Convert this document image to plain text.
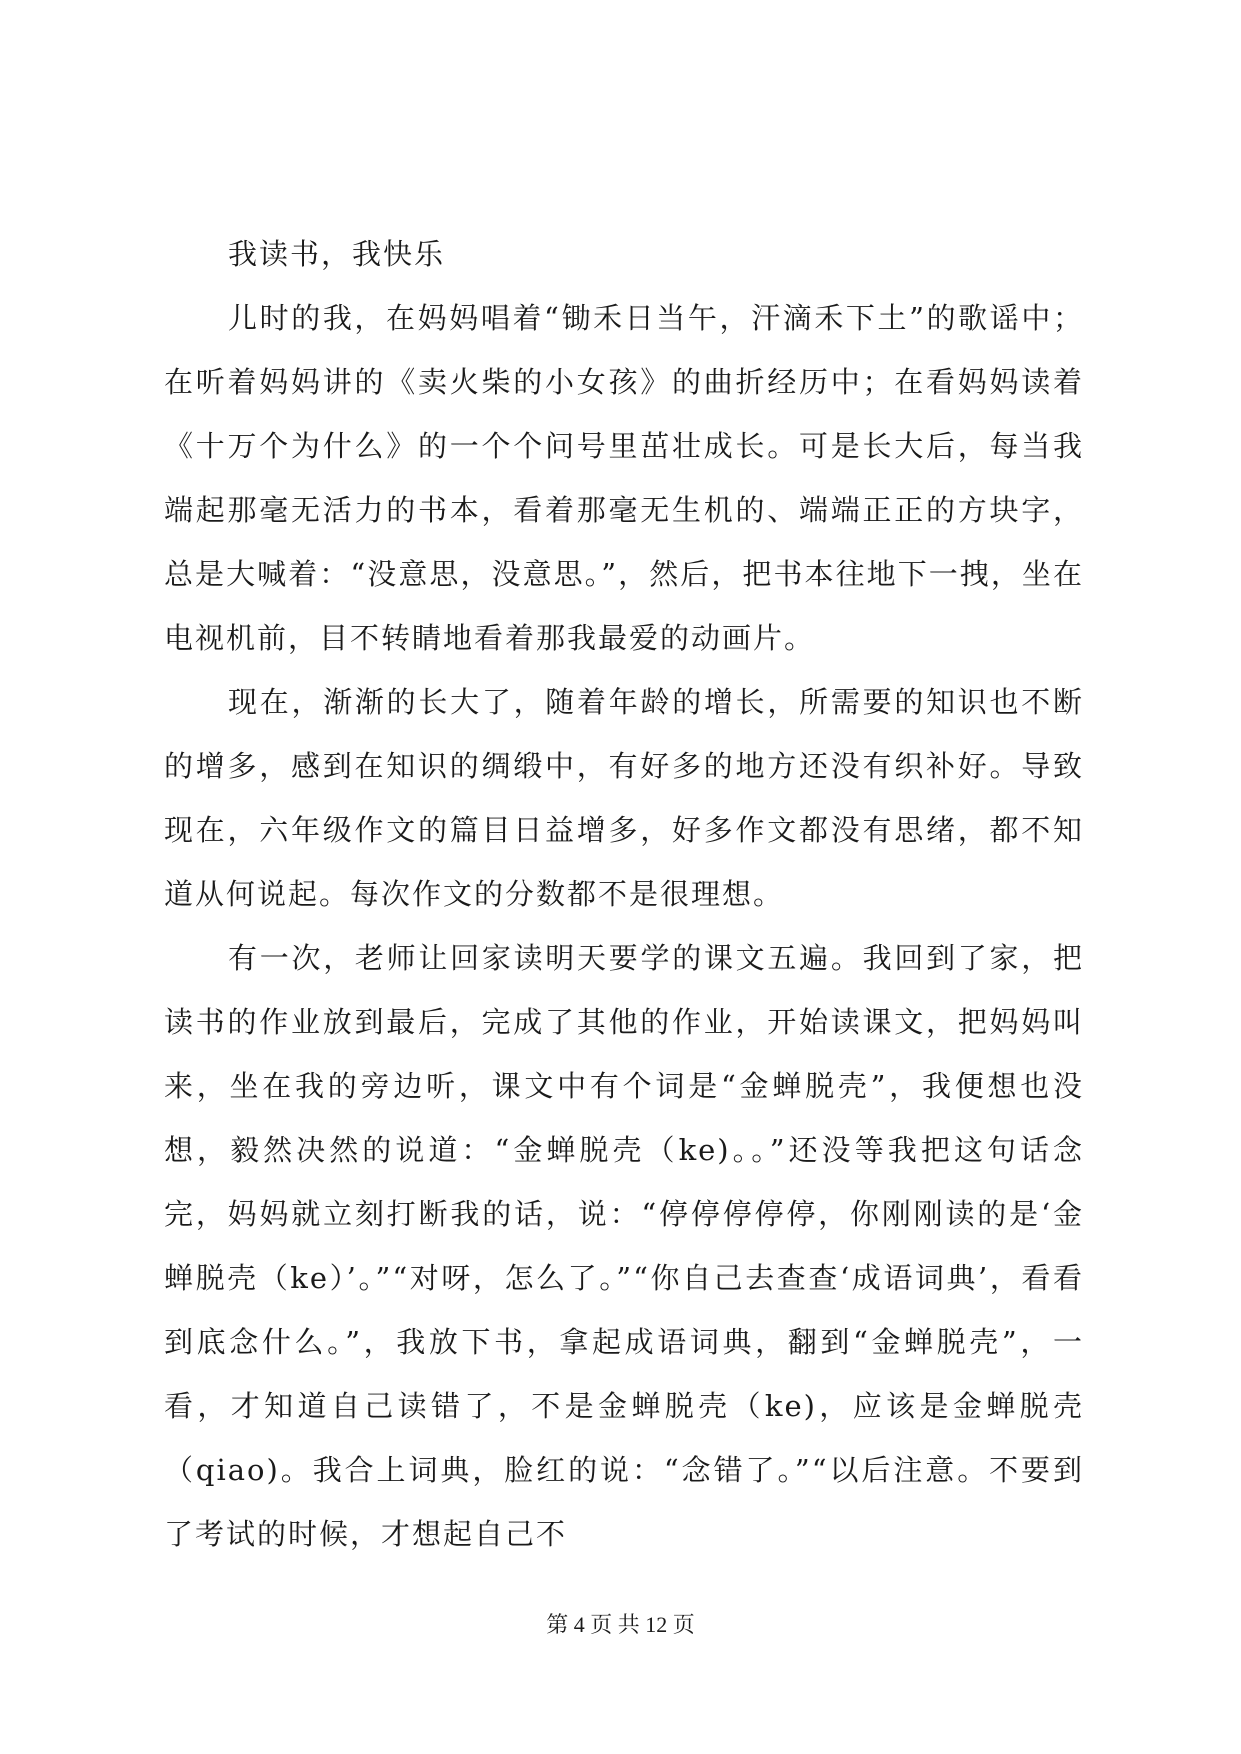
我读书，我快乐

儿时的我，在妈妈唱着“锄禾日当午，汗滴禾下土”的歌谣中；在听着妈妈讲的《卖火柴的小女孩》的曲折经历中；在看妈妈读着《十万个为什么》的一个个问号里茁壮成长。可是长大后，每当我端起那毫无活力的书本，看着那毫无生机的、端端正正的方块字，总是大喊着：“没意思，没意思。”，然后，把书本往地下一拽，坐在电视机前，目不转睛地看着那我最爱的动画片。

现在，渐渐的长大了，随着年龄的增长，所需要的知识也不断的增多，感到在知识的绸缎中，有好多的地方还没有织补好。导致现在，六年级作文的篇目日益增多，好多作文都没有思绪，都不知道从何说起。每次作文的分数都不是很理想。

有一次，老师让回家读明天要学的课文五遍。我回到了家，把读书的作业放到最后，完成了其他的作业，开始读课文，把妈妈叫来，坐在我的旁边听，课文中有个词是“金蝉脱壳”，我便想也没想，毅然决然的说道：“金蝉脱壳（ke)。。”还没等我把这句话念完，妈妈就立刻打断我的话，说：“停停停停停，你刚刚读的是‘金蝉脱壳（ke）’。”“对呀，怎么了。”“你自己去查查‘成语词典’，看看到底念什么。”，我放下书，拿起成语词典，翻到“金蝉脱壳”，一看，才知道自己读错了，不是金蝉脱壳（ke)，应该是金蝉脱壳（qiao)。我合上词典，脸红的说：“念错了。”“以后注意。不要到了考试的时候，才想起自己不

第 4 页 共 12 页
